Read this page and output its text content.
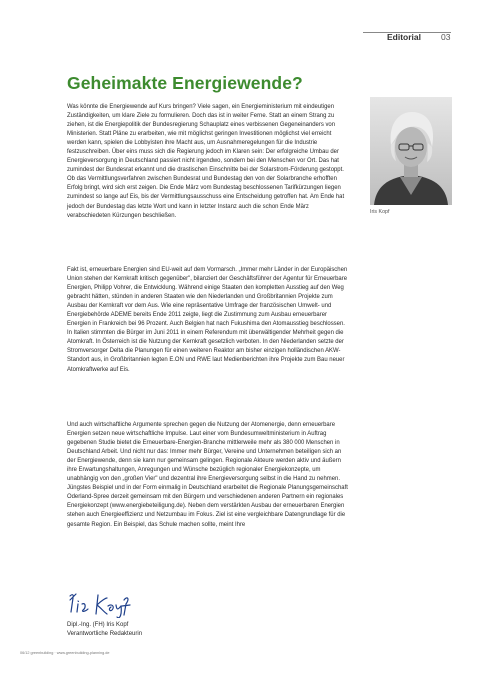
Editorial 03
Geheimakte Energiewende?

Was könnte die Energiewende auf Kurs bringen? Viele sagen, ein Energieministerium mit eindeutigen Zuständigkeiten, um klare Ziele zu formulieren. Doch das ist in weiter Ferne. Statt an einem Strang zu ziehen, ist die Energiepolitik der Bundesregierung Schauplatz eines verbissenen Gegeneinanders von Ministerien. Statt Pläne zu erarbeiten, wie mit möglichst geringen Investitionen möglichst viel erreicht werden kann, spielen die Lobbyisten ihre Macht aus, um Ausnahmeregelungen für die Industrie festzuschreiben. Über eins muss sich die Regierung jedoch im Klaren sein: Der erfolgreiche Umbau der Energieversorgung in Deutschland passiert nicht irgendwo, sondern bei den Menschen vor Ort. Das hat zumindest der Bundesrat erkannt und die drastischen Einschnitte bei der Solarstrom-Förderung gestoppt. Ob das Vermittlungsverfahren zwischen Bundesrat und Bundestag den von der Solarbranche erhofften Erfolg bringt, wird sich erst zeigen. Die Ende März vom Bundestag beschlossenen Tarifkürzungen liegen zumindest so lange auf Eis, bis der Vermittlungsausschuss eine Entscheidung getroffen hat. Am Ende hat jedoch der Bundestag das letzte Wort und kann in letzter Instanz auch die schon Ende März verabschiedeten Kürzungen beschließen.

Fakt ist, erneuerbare Energien sind EU-weit auf dem Vormarsch. „Immer mehr Länder in der Europäischen Union stehen der Kernkraft kritisch gegenüber", bilanziert der Geschäftsführer der Agentur für Erneuerbare Energien, Philipp Vohrer, die Entwicklung. Während einige Staaten den kompletten Ausstieg auf den Weg gebracht hätten, stünden in anderen Staaten wie den Niederlanden und Großbritannien Projekte zum Ausbau der Kernkraft vor dem Aus. Wie eine repräsentative Umfrage der französischen Umwelt- und Energiebehörde ADEME bereits Ende 2011 zeigte, liegt die Zustimmung zum Ausbau erneuerbarer Energien in Frankreich bei 96 Prozent. Auch Belgien hat nach Fukushima den Atomausstieg beschlossen. In Italien stimmten die Bürger im Juni 2011 in einem Referendum mit überwältigender Mehrheit gegen die Atomkraft. In Österreich ist die Nutzung der Kernkraft gesetzlich verboten. In den Niederlanden setzte der Stromversorger Delta die Planungen für einen weiteren Reaktor am bisher einzigen holländischen AKW-Standort aus, in Großbritannien legten E.ON und RWE laut Medienberichten ihre Projekte zum Bau neuer Atomkraftwerke auf Eis.

Und auch wirtschaftliche Argumente sprechen gegen die Nutzung der Atomenergie, denn erneuerbare Energien setzen neue wirtschaftliche Impulse. Laut einer vom Bundesumweltministerium in Auftrag gegebenen Studie bietet die Erneuerbare-Energien-Branche mittlerweile mehr als 380 000 Menschen in Deutschland Arbeit. Und nicht nur das: Immer mehr Bürger, Vereine und Unternehmen beteiligen sich an der Energiewende, denn sie kann nur gemeinsam gelingen. Regionale Akteure werden aktiv und äußern ihre Erwartungshaltungen, Anregungen und Wünsche bezüglich regionaler Energiekonzepte, um unabhängig von den „großen Vier" und dezentral ihre Energieversorgung selbst in die Hand zu nehmen. Jüngstes Beispiel und in der Form einmalig in Deutschland erarbeitet die Regionale Planungsgemeinschaft Oderland-Spree derzeit gemeinsam mit den Bürgern und verschiedenen anderen Partnern ein regionales Energiekonzept (www.energiebeteiligung.de). Neben dem verstärkten Ausbau der erneuerbaren Energien stehen auch Energieeffizienz und Netzumbau im Fokus. Ziel ist eine vergleichbare Datengrundlage für die gesamte Region. Ein Beispiel, das Schule machen sollte, meint Ihre

Iris Kopf
Dipl.-Ing. (FH) Iris Kopf
Verantwortliche Redakteurin
06/12 greenbuilding · www.greenbuilding-planning.de
